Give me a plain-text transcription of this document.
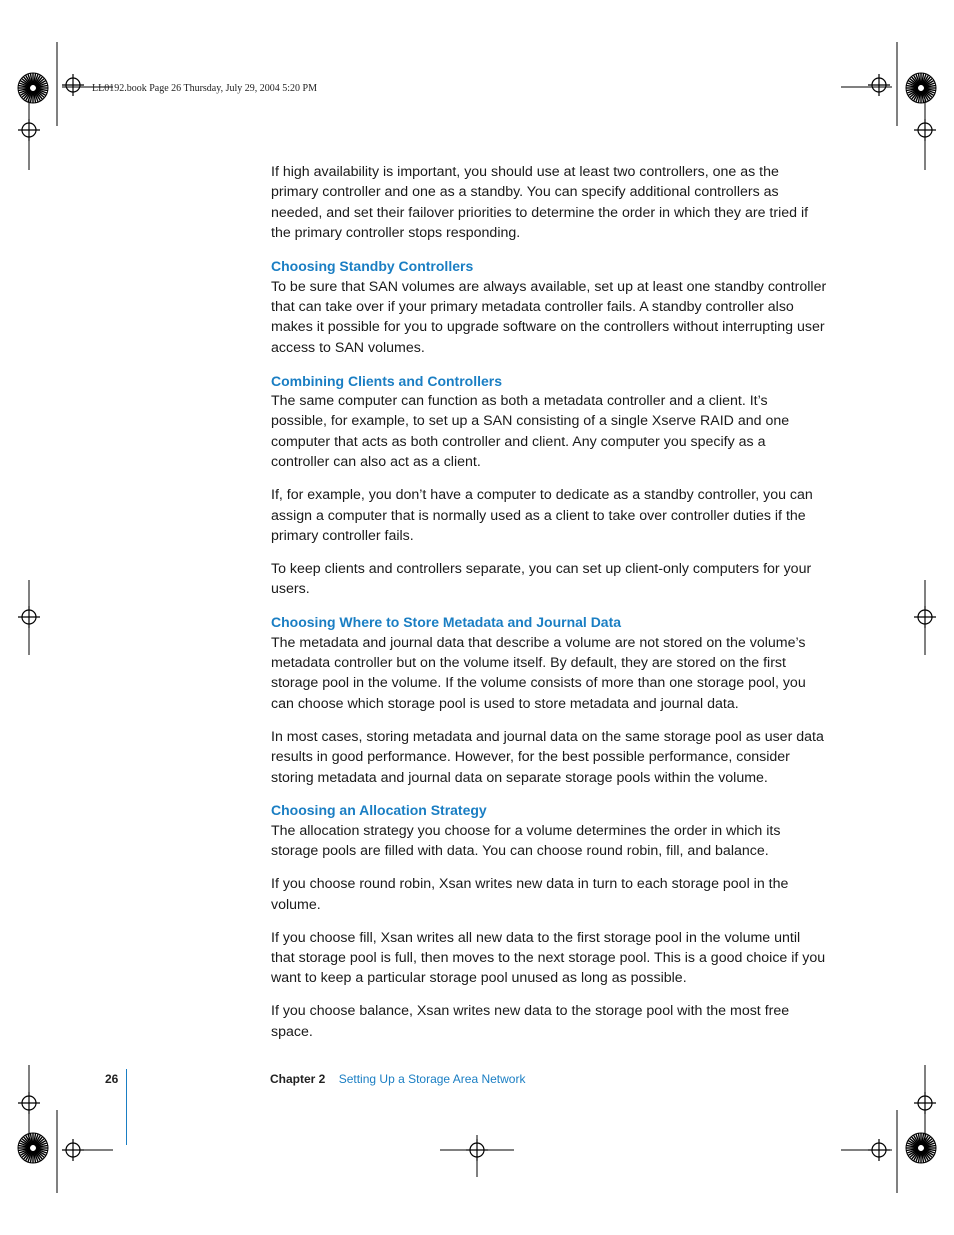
LL0192.book Page 26 Thursday, July 29, 2004 5:20 PM

If high availability is important, you should use at least two controllers, one as the primary controller and one as a standby. You can specify additional controllers as needed, and set their failover priorities to determine the order in which they are tried if the primary controller stops responding.

Choosing Standby Controllers

To be sure that SAN volumes are always available, set up at least one standby controller that can take over if your primary metadata controller fails. A standby controller also makes it possible for you to upgrade software on the controllers without interrupting user access to SAN volumes.

Combining Clients and Controllers

The same computer can function as both a metadata controller and a client. It’s possible, for example, to set up a SAN consisting of a single Xserve RAID and one computer that acts as both controller and client. Any computer you specify as a controller can also act as a client.

If, for example, you don’t have a computer to dedicate as a standby controller, you can assign a computer that is normally used as a client to take over controller duties if the primary controller fails.

To keep clients and controllers separate, you can set up client-only computers for your users.

Choosing Where to Store Metadata and Journal Data

The metadata and journal data that describe a volume are not stored on the volume’s metadata controller but on the volume itself. By default, they are stored on the first storage pool in the volume. If the volume consists of more than one storage pool, you can choose which storage pool is used to store metadata and journal data.

In most cases, storing metadata and journal data on the same storage pool as user data results in good performance. However, for the best possible performance, consider storing metadata and journal data on separate storage pools within the volume.

Choosing an Allocation Strategy

The allocation strategy you choose for a volume determines the order in which its storage pools are filled with data. You can choose round robin, fill, and balance.

If you choose round robin, Xsan writes new data in turn to each storage pool in the volume.

If you choose fill, Xsan writes all new data to the first storage pool in the volume until that storage pool is full, then moves to the next storage pool. This is a good choice if you want to keep a particular storage pool unused as long as possible.

If you choose balance, Xsan writes new data to the storage pool with the most free space.

26	Chapter 2 Setting Up a Storage Area Network
